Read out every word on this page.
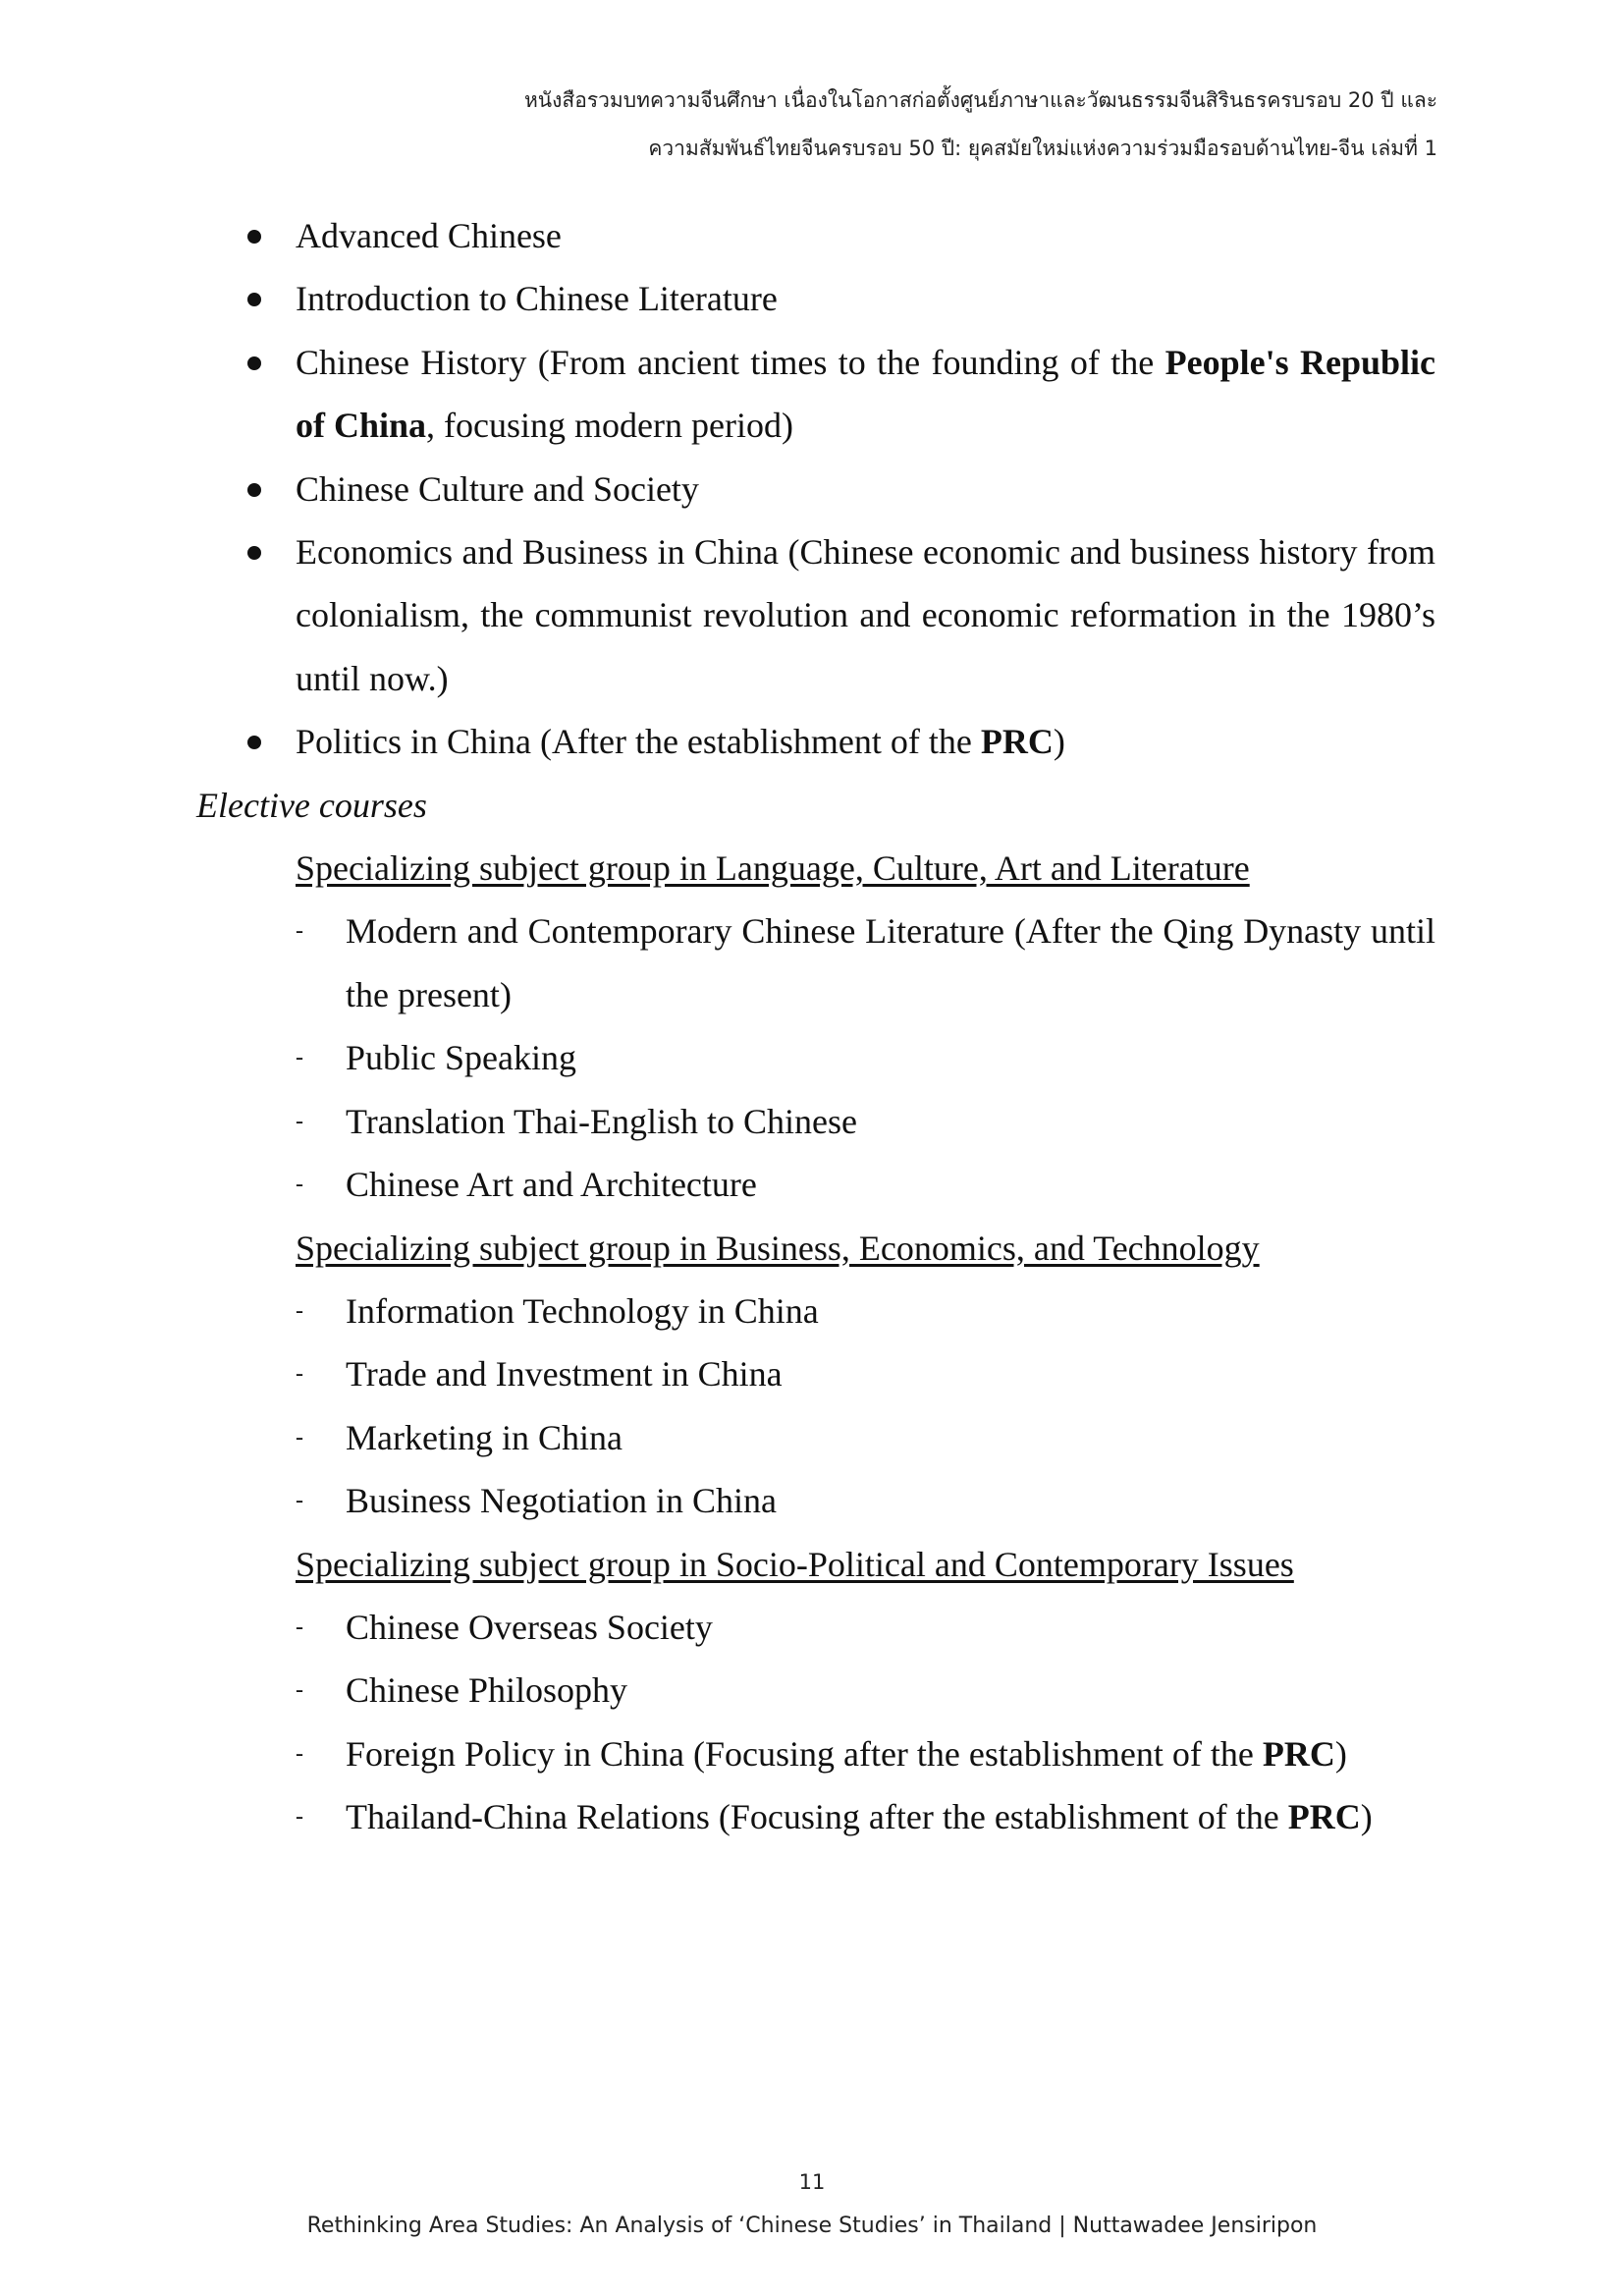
หนังสือรวมบทความจีนศึกษา เนื่องในโอกาสก่อตั้งศูนย์ภาษาและวัฒนธรรมจีนสิรินธรครบรอบ 20 ปี และ
ความสัมพันธ์ไทยจีนครบรอบ 50 ปี: ยุคสมัยใหม่แห่งความร่วมมือรอบด้านไทย-จีน เล่มที่ 1
Advanced Chinese
Introduction to Chinese Literature
Chinese History (From ancient times to the founding of the People's Republic of China, focusing modern period)
Chinese Culture and Society
Economics and Business in China (Chinese economic and business history from colonialism, the communist revolution and economic reformation in the 1980’s until now.)
Politics in China (After the establishment of the PRC)
Elective courses
Specializing subject group in Language, Culture, Art and Literature
- Modern and Contemporary Chinese Literature (After the Qing Dynasty until the present)
- Public Speaking
- Translation Thai-English to Chinese
- Chinese Art and Architecture
Specializing subject group in Business, Economics, and Technology
- Information Technology in China
- Trade and Investment in China
- Marketing in China
- Business Negotiation in China
Specializing subject group in Socio-Political and Contemporary Issues
- Chinese Overseas Society
- Chinese Philosophy
- Foreign Policy in China (Focusing after the establishment of the PRC)
- Thailand-China Relations (Focusing after the establishment of the PRC)
11
Rethinking Area Studies: An Analysis of ‘Chinese Studies’ in Thailand | Nuttawadee Jensiripon
